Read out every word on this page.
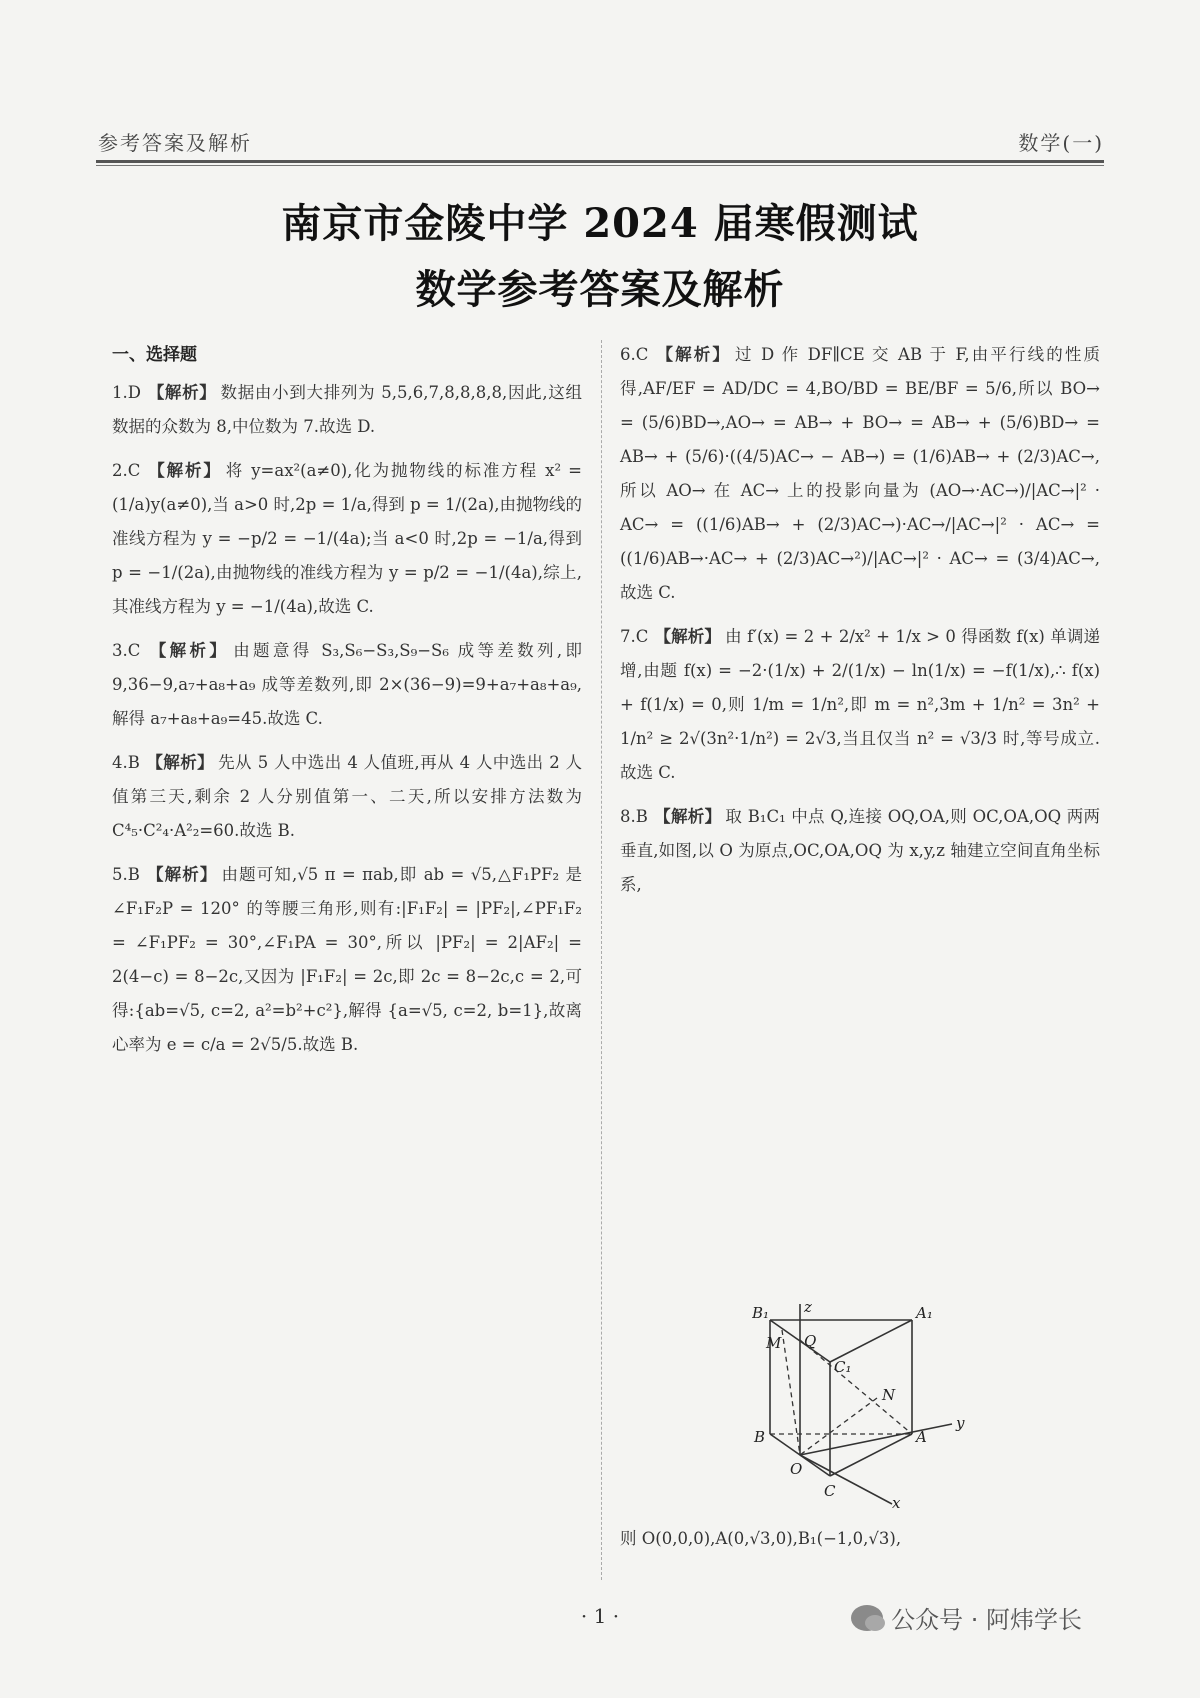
参考答案及解析	数学(一)
南京市金陵中学 2024 届寒假测试
数学参考答案及解析
一、选择题
1.D 【解析】 数据由小到大排列为 5,5,6,7,8,8,8,8,因此,这组数据的众数为 8,中位数为 7.故选 D.
2.C 【解析】 将 y=ax²(a≠0),化为抛物线的标准方程 x² = (1/a)y(a≠0),当 a>0 时,2p = 1/a,得到 p = 1/(2a),由抛物线的准线方程为 y = −p/2 = −1/(4a);当 a<0 时,2p = −1/a,得到 p = −1/(2a),由抛物线的准线方程为 y = p/2 = −1/(4a),综上,其准线方程为 y = −1/(4a),故选 C.
3.C 【解析】 由题意得 S₃,S₆−S₃,S₉−S₆ 成等差数列,即 9,36−9,a₇+a₈+a₉ 成等差数列,即 2×(36−9)=9+a₇+a₈+a₉,解得 a₇+a₈+a₉=45.故选 C.
4.B 【解析】 先从 5 人中选出 4 人值班,再从 4 人中选出 2 人值第三天,剩余 2 人分别值第一、二天,所以安排方法数为 C⁴₅·C²₄·A²₂=60.故选 B.
5.B 【解析】 由题可知,√5 π = πab,即 ab = √5,△F₁PF₂ 是 ∠F₁F₂P = 120° 的等腰三角形,则有:|F₁F₂| = |PF₂|,∠PF₁F₂ = ∠F₁PF₂ = 30°,∠F₁PA = 30°,所以 |PF₂| = 2|AF₂| = 2(4−c) = 8−2c,又因为 |F₁F₂| = 2c,即 2c = 8−2c,c = 2,可得:{ab=√5, c=2, a²=b²+c²},解得 {a=√5, c=2, b=1},故离心率为 e = c/a = 2√5/5.故选 B.
6.C 【解析】 过 D 作 DF∥CE 交 AB 于 F,由平行线的性质得,AF/EF = AD/DC = 4,BO/BD = BE/BF = 5/6,所以 BO→ = (5/6)BD→,AO→ = AB→ + BO→ = AB→ + (5/6)BD→ = AB→ + (5/6)·((4/5)AC→ − AB→) = (1/6)AB→ + (2/3)AC→,所以 AO→ 在 AC→ 上的投影向量为 (AO→·AC→)/|AC→|² · AC→ = ((1/6)AB→ + (2/3)AC→)·AC→/|AC→|² · AC→ = ((1/6)AB→·AC→ + (2/3)AC→²)/|AC→|² · AC→ = (3/4)AC→,故选 C.
7.C 【解析】 由 f′(x) = 2 + 2/x² + 1/x > 0 得函数 f(x) 单调递增,由题 f(x) = −2·(1/x) + 2/(1/x) − ln(1/x) = −f(1/x),∴ f(x) + f(1/x) = 0,则 1/m = 1/n²,即 m = n²,3m + 1/n² = 3n² + 1/n² ≥ 2√(3n²·1/n²) = 2√3,当且仅当 n² = √3/3 时,等号成立.故选 C.
8.B 【解析】 取 B₁C₁ 中点 Q,连接 OQ,OA,则 OC,OA,OQ 两两垂直,如图,以 O 为原点,OC,OA,OQ 为 x,y,z 轴建立空间直角坐标系,
B₁	A₁
C₁
M Q
N
B	A
O
C
x
y
z
则 O(0,0,0),A(0,√3,0),B₁(−1,0,√3),
· 1 ·	公众号 · 阿炜学长
